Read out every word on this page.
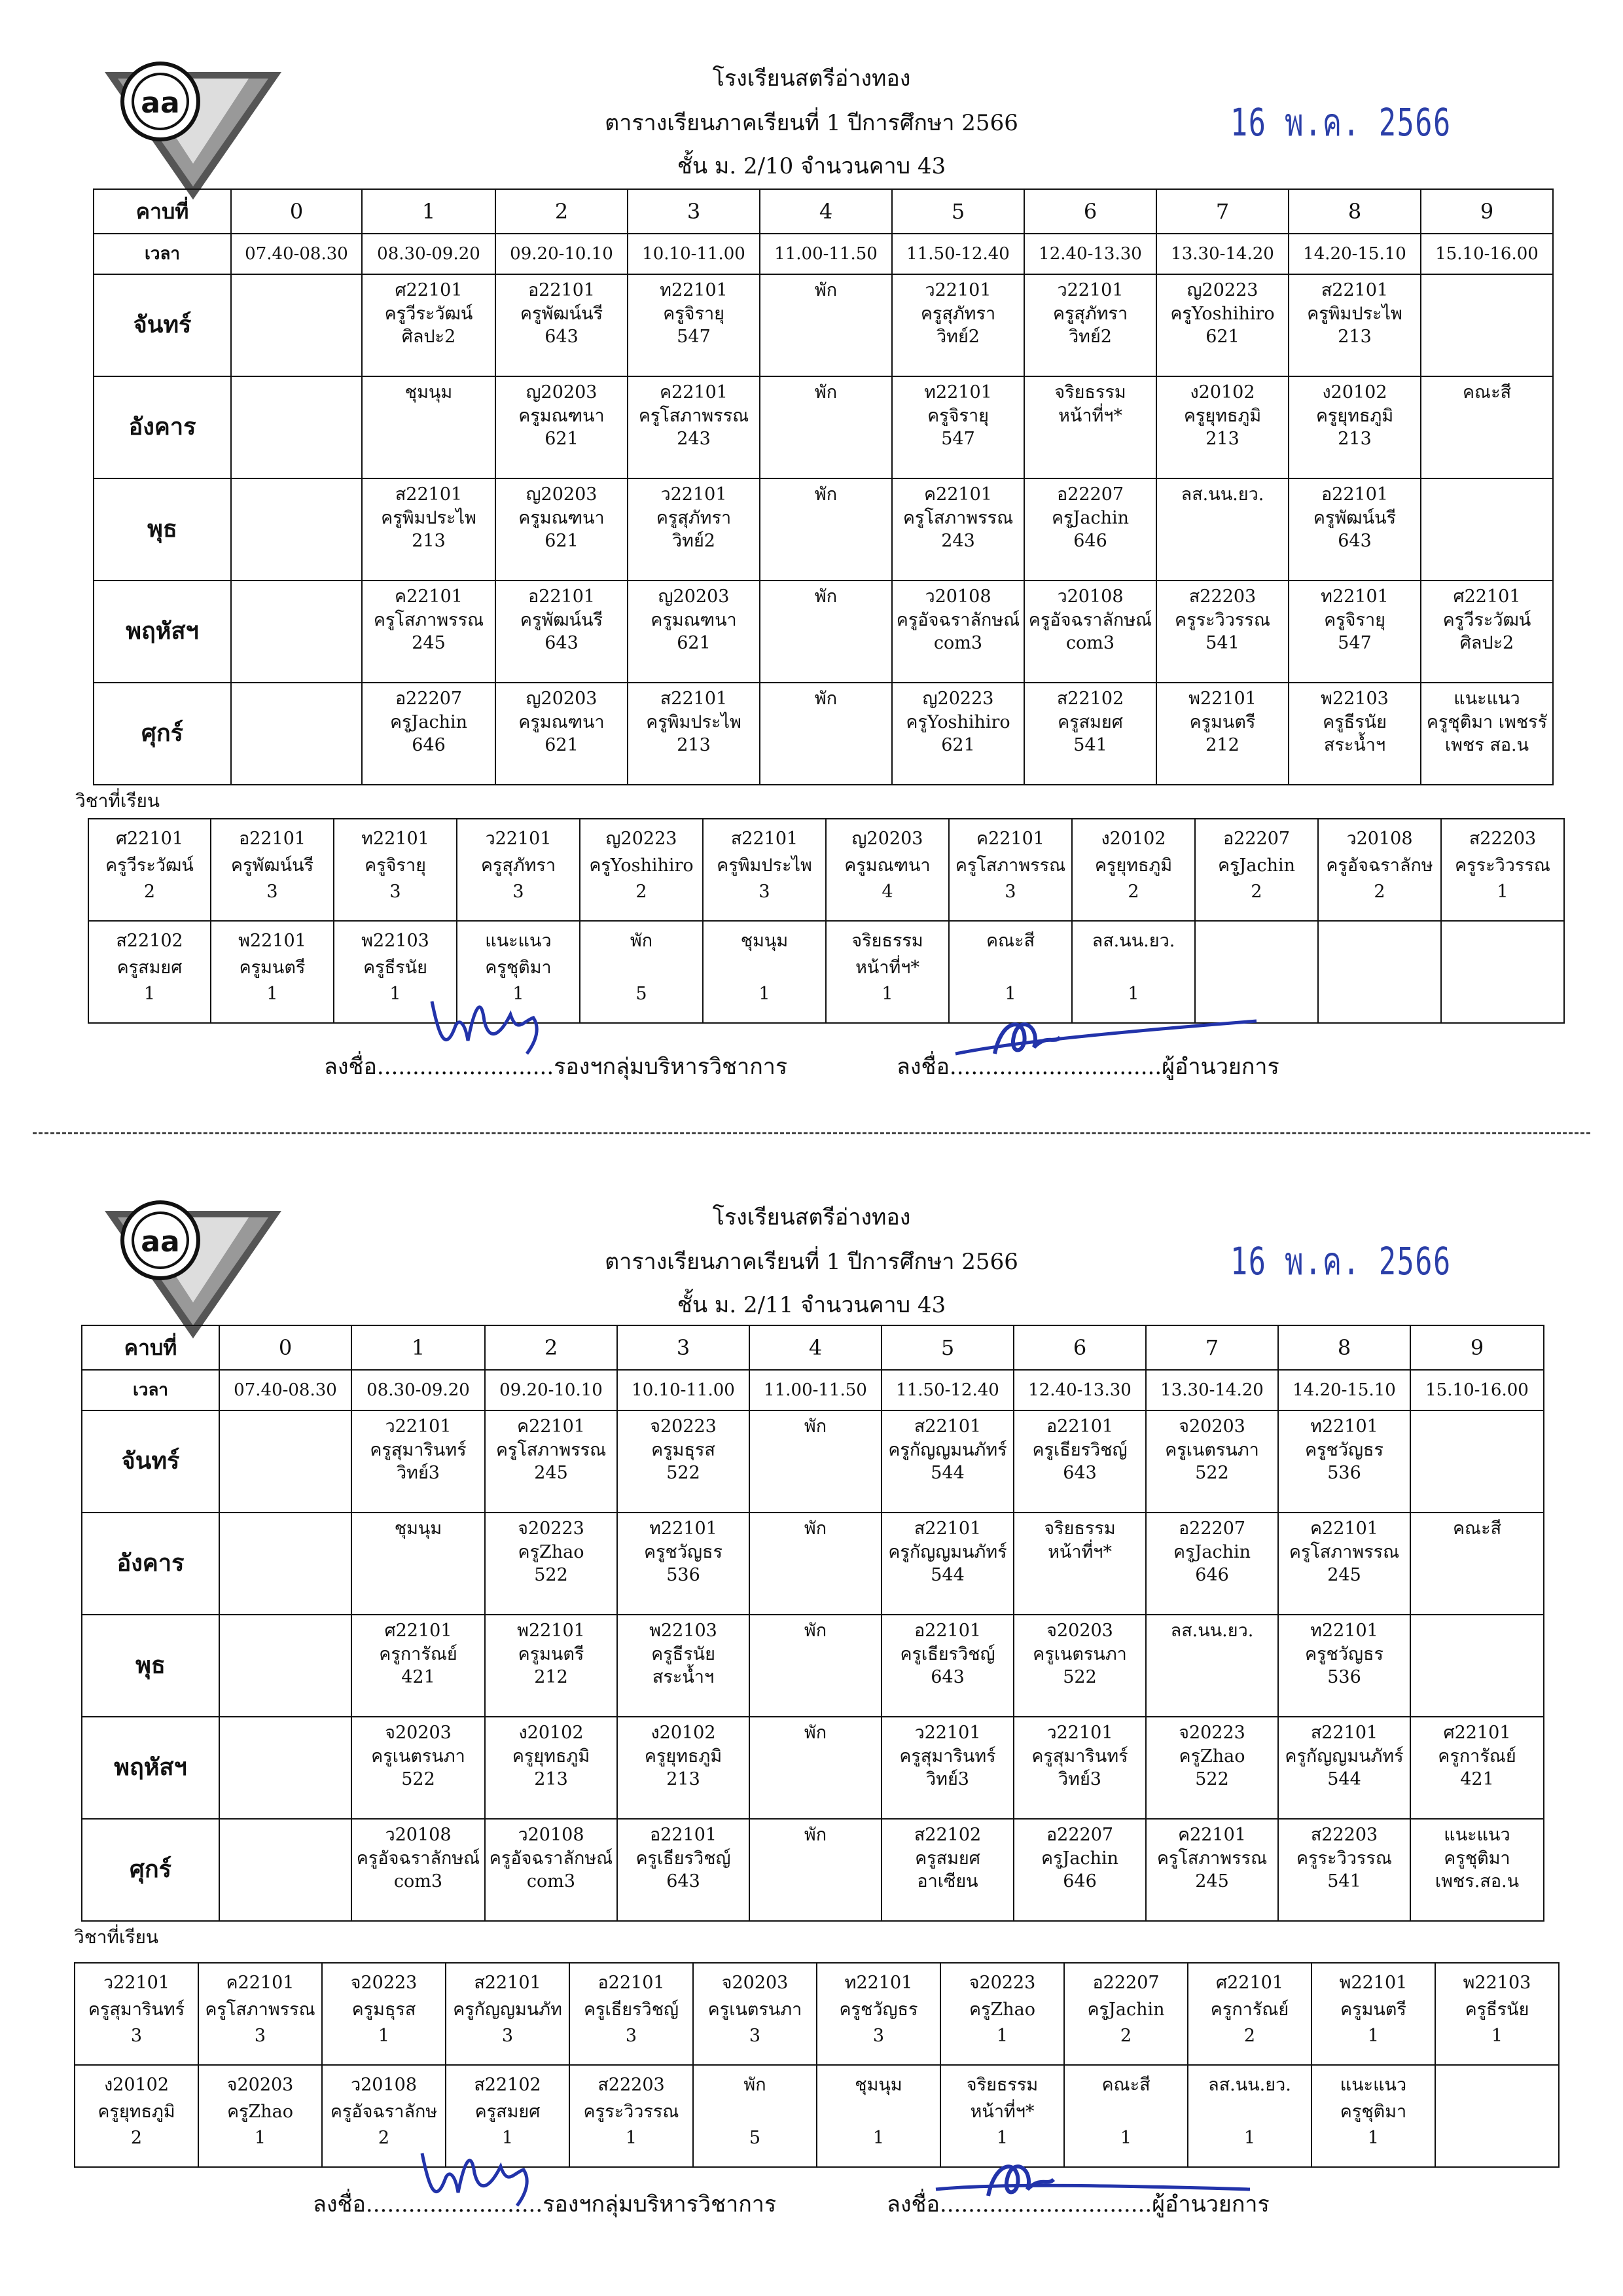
aa
โรงเรียนสตรีอ่างทอง
ตารางเรียนภาคเรียนที่ 1 ปีการศึกษา 2566
ชั้น ม. 2/10 จำนวนคาบ 43
16 พ.ค. 2566
คาบที่	0	1	2	3	4	5	6	7	8	9
เวลา	07.40-08.30	08.30-09.20	09.20-10.10	10.10-11.00	11.00-11.50	11.50-12.40	12.40-13.30	13.30-14.20	14.20-15.10	15.10-16.00
จันทร์		ศ22101
ครูวีระวัฒน์
ศิลปะ2	อ22101
ครูพัฒน์นรี
643	ท22101
ครูจิรายุ
547	พัก	ว22101
ครูสุภัทรา
วิทย์2	ว22101
ครูสุภัทรา
วิทย์2	ญ20223
ครูYoshihiro
621	ส22101
ครูพิมประไพ
213	
อังคาร		ชุมนุม	ญ20203
ครูมณฑนา
621	ค22101
ครูโสภาพรรณ
243	พัก	ท22101
ครูจิรายุ
547	จริยธรรม
หน้าที่ฯ*	ง20102
ครูยุทธภูมิ
213	ง20102
ครูยุทธภูมิ
213	คณะสี
พุธ		ส22101
ครูพิมประไพ
213	ญ20203
ครูมณฑนา
621	ว22101
ครูสุภัทรา
วิทย์2	พัก	ค22101
ครูโสภาพรรณ
243	อ22207
ครูJachin
646	ลส.นน.ยว.	อ22101
ครูพัฒน์นรี
643	
พฤหัสฯ		ค22101
ครูโสภาพรรณ
245	อ22101
ครูพัฒน์นรี
643	ญ20203
ครูมณฑนา
621	พัก	ว20108
ครูอัจฉราลักษณ์
com3	ว20108
ครูอัจฉราลักษณ์
com3	ส22203
ครูระวิวรรณ
541	ท22101
ครูจิรายุ
547	ศ22101
ครูวีระวัฒน์
ศิลปะ2
ศุกร์		อ22207
ครูJachin
646	ญ20203
ครูมณฑนา
621	ส22101
ครูพิมประไพ
213	พัก	ญ20223
ครูYoshihiro
621	ส22102
ครูสมยศ
541	พ22101
ครูมนตรี
212	พ22103
ครูธีรนัย
สระน้ำฯ	แนะแนว
ครูชุติมา เพชรรั
เพชร สอ.น
วิชาที่เรียน
ศ22101
ครูวีระวัฒน์
2	อ22101
ครูพัฒน์นรี
3	ท22101
ครูจิรายุ
3	ว22101
ครูสุภัทรา
3	ญ20223
ครูYoshihiro
2	ส22101
ครูพิมประไพ
3	ญ20203
ครูมณฑนา
4	ค22101
ครูโสภาพรรณ
3	ง20102
ครูยุทธภูมิ
2	อ22207
ครูJachin
2	ว20108
ครูอัจฉราลักษ
2	ส22203
ครูระวิวรรณ
1
ส22102
ครูสมยศ
1	พ22101
ครูมนตรี
1	พ22103
ครูธีรนัย
1	แนะแนว
ครูชุติมา
1	พัก

5	ชุมนุม

1	จริยธรรม
หน้าที่ฯ*
1	คณะสี

1	ลส.นน.ยว.

1			
ลงชื่อ.........................รองฯกลุ่มบริหารวิชาการ	ลงชื่อ..............................ผู้อำนวยการ
aa
โรงเรียนสตรีอ่างทอง
ตารางเรียนภาคเรียนที่ 1 ปีการศึกษา 2566
ชั้น ม. 2/11 จำนวนคาบ 43
16 พ.ค. 2566
คาบที่	0	1	2	3	4	5	6	7	8	9
เวลา	07.40-08.30	08.30-09.20	09.20-10.10	10.10-11.00	11.00-11.50	11.50-12.40	12.40-13.30	13.30-14.20	14.20-15.10	15.10-16.00
จันทร์		ว22101
ครูสุมารินทร์
วิทย์3	ค22101
ครูโสภาพรรณ
245	จ20223
ครูมธุรส
522	พัก	ส22101
ครูกัญญมนภัทร์
544	อ22101
ครูเธียรวิชญ์
643	จ20203
ครูเนตรนภา
522	ท22101
ครูชวัญธร
536	
อังคาร		ชุมนุม	จ20223
ครูZhao
522	ท22101
ครูชวัญธร
536	พัก	ส22101
ครูกัญญมนภัทร์
544	จริยธรรม
หน้าที่ฯ*	อ22207
ครูJachin
646	ค22101
ครูโสภาพรรณ
245	คณะสี
พุธ		ศ22101
ครูการัณย์
421	พ22101
ครูมนตรี
212	พ22103
ครูธีรนัย
สระน้ำฯ	พัก	อ22101
ครูเธียรวิชญ์
643	จ20203
ครูเนตรนภา
522	ลส.นน.ยว.	ท22101
ครูชวัญธร
536	
พฤหัสฯ		จ20203
ครูเนตรนภา
522	ง20102
ครูยุทธภูมิ
213	ง20102
ครูยุทธภูมิ
213	พัก	ว22101
ครูสุมารินทร์
วิทย์3	ว22101
ครูสุมารินทร์
วิทย์3	จ20223
ครูZhao
522	ส22101
ครูกัญญมนภัทร์
544	ศ22101
ครูการัณย์
421
ศุกร์		ว20108
ครูอัจฉราลักษณ์
com3	ว20108
ครูอัจฉราลักษณ์
com3	อ22101
ครูเธียรวิชญ์
643	พัก	ส22102
ครูสมยศ
อาเซียน	อ22207
ครูJachin
646	ค22101
ครูโสภาพรรณ
245	ส22203
ครูระวิวรรณ
541	แนะแนว
ครูชุติมา
เพชร.สอ.น
วิชาที่เรียน
ว22101
ครูสุมารินทร์
3	ค22101
ครูโสภาพรรณ
3	จ20223
ครูมธุรส
1	ส22101
ครูกัญญมนภัท
3	อ22101
ครูเธียรวิชญ์
3	จ20203
ครูเนตรนภา
3	ท22101
ครูชวัญธร
3	จ20223
ครูZhao
1	อ22207
ครูJachin
2	ศ22101
ครูการัณย์
2	พ22101
ครูมนตรี
1	พ22103
ครูธีรนัย
1
ง20102
ครูยุทธภูมิ
2	จ20203
ครูZhao
1	ว20108
ครูอัจฉราลักษ
2	ส22102
ครูสมยศ
1	ส22203
ครูระวิวรรณ
1	พัก

5	ชุมนุม

1	จริยธรรม
หน้าที่ฯ*
1	คณะสี

1	ลส.นน.ยว.

1	แนะแนว
ครูชุติมา
1	
ลงชื่อ.........................รองฯกลุ่มบริหารวิชาการ	ลงชื่อ..............................ผู้อำนวยการ
